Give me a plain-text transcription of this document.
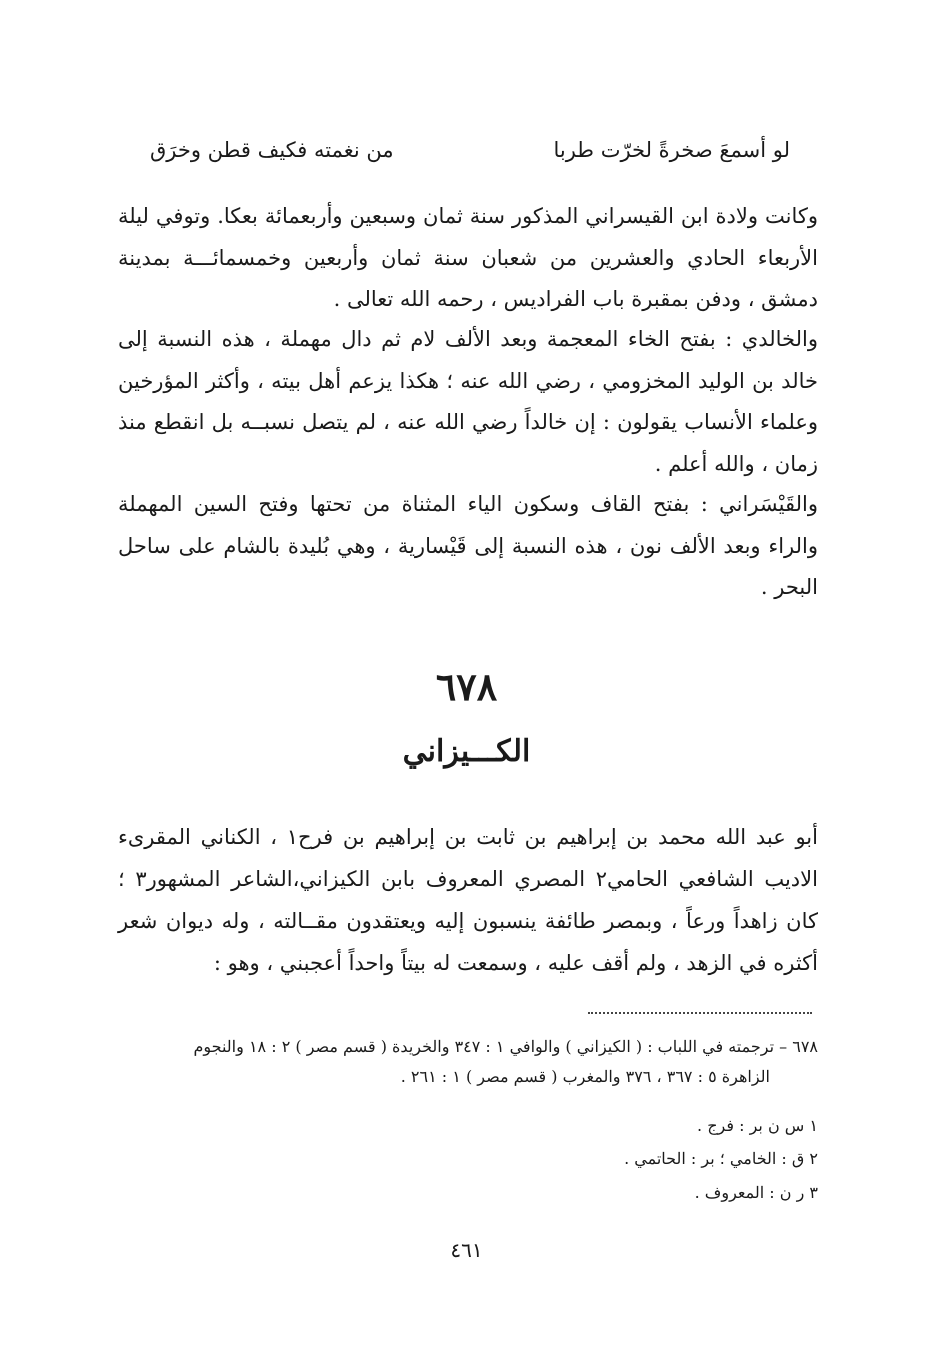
لو أسمعَ صخرةً لخرّت طربا
من نغمته فكيف قطن وخرَق
وكانت ولادة ابن القيسراني المذكور سنة ثمان وسبعين وأربعمائة بعكا. وتوفي ليلة الأربعاء الحادي والعشرين من شعبان سنة ثمان وأربعين وخمسمائـــة بمدينة دمشق ، ودفن بمقبرة باب الفراديس ، رحمه الله تعالى .
والخالدي : بفتح الخاء المعجمة وبعد الألف لام ثم دال مهملة ، هذه النسبة إلى خالد بن الوليد المخزومي ، رضي الله عنه ؛ هكذا يزعم أهل بيته ، وأكثر المؤرخين وعلماء الأنساب يقولون : إن خالداً رضي الله عنه ، لم يتصل نسبــه بل انقطع منذ زمان ، والله أعلم .
والقَيْسَراني : بفتح القاف وسكون الياء المثناة من تحتها وفتح السين المهملة والراء وبعد الألف نون ، هذه النسبة إلى قَيْسارية ، وهي بُليدة بالشام على ساحل البحر .
٦٧٨
الكـــيزاني
أبو عبد الله محمد بن إبراهيم بن ثابت بن إبراهيم بن فرح١ ، الكناني المقرىء الاديب الشافعي الحامي٢ المصري المعروف بابن الكيزاني،الشاعر المشهور٣ ؛ كان زاهداً ورعاً ، وبمصر طائفة ينسبون إليه ويعتقدون مقــالته ، وله ديوان شعر أكثره في الزهد ، ولم أقف عليه ، وسمعت له بيتاً واحداً أعجبني ، وهو :
٦٧٨ – ترجمته في اللباب : ( الكيزاني ) والوافي ١ : ٣٤٧ والخريدة ( قسم مصر ) ٢ : ١٨ والنجوم
الزاهرة ٥ : ٣٦٧ ، ٣٧٦ والمغرب ( قسم مصر ) ١ : ٢٦١ .
١ س ن بر : فرج .
٢ ق : الخامي ؛ بر : الحاتمي .
٣ ر ن : المعروف .
٤٦١
